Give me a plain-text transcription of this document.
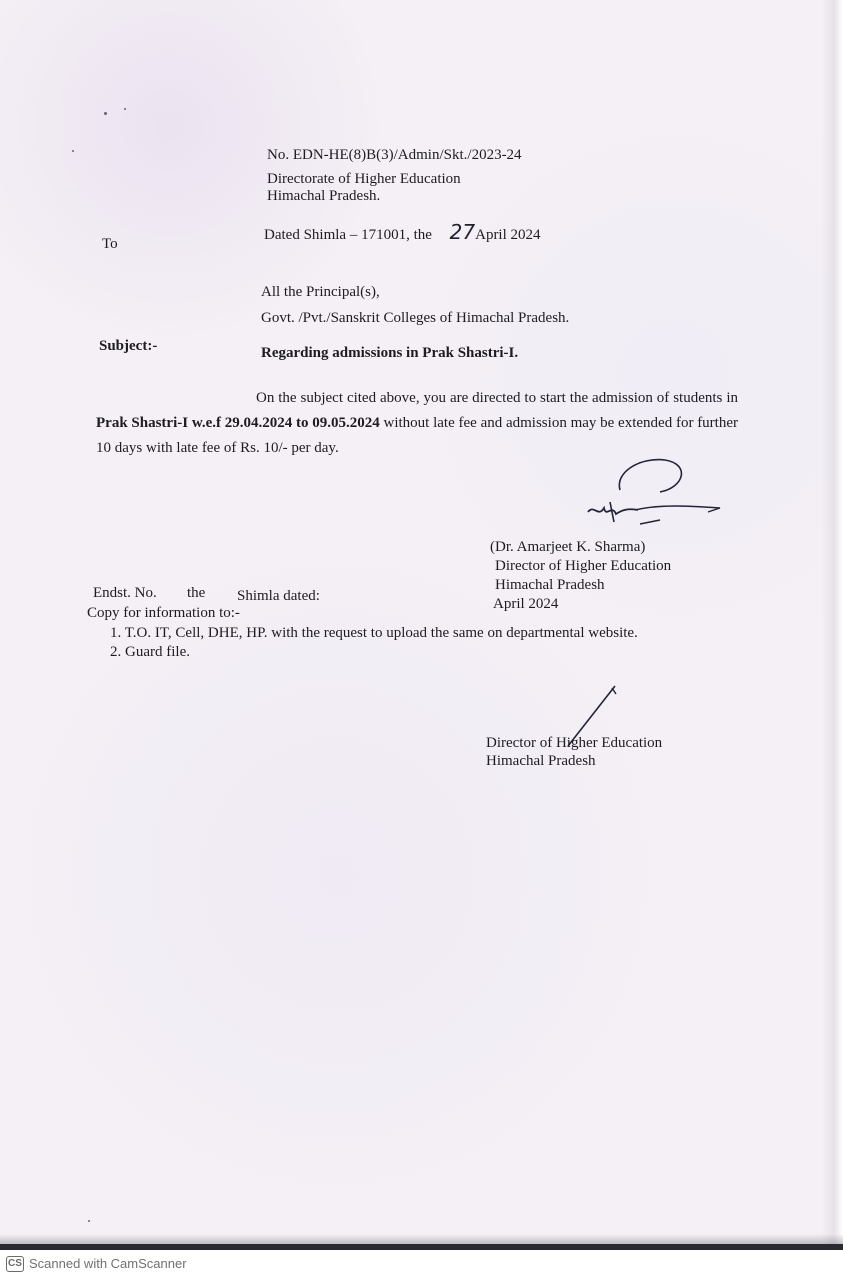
No. EDN-HE(8)B(3)/Admin/Skt./2023-24
Directorate of Higher Education
Himachal Pradesh.
To
Dated Shimla – 171001, the 27April 2024
All the Principal(s),
Govt. /Pvt./Sanskrit Colleges of Himachal Pradesh.
Subject:-	Regarding admissions in Prak Shastri-I.
On the subject cited above, you are directed to start the admission of students in Prak Shastri-I w.e.f 29.04.2024 to 09.05.2024 without late fee and admission may be extended for further 10 days with late fee of Rs. 10/- per day.
(Dr. Amarjeet K. Sharma)
Director of Higher Education
Himachal Pradesh
April 2024
Endst. No. the Shimla dated:
Copy for information to:-
1. T.O. IT, Cell, DHE, HP. with the request to upload the same on departmental website.
2. Guard file.
Director of Higher Education
Himachal Pradesh
CS Scanned with CamScanner
